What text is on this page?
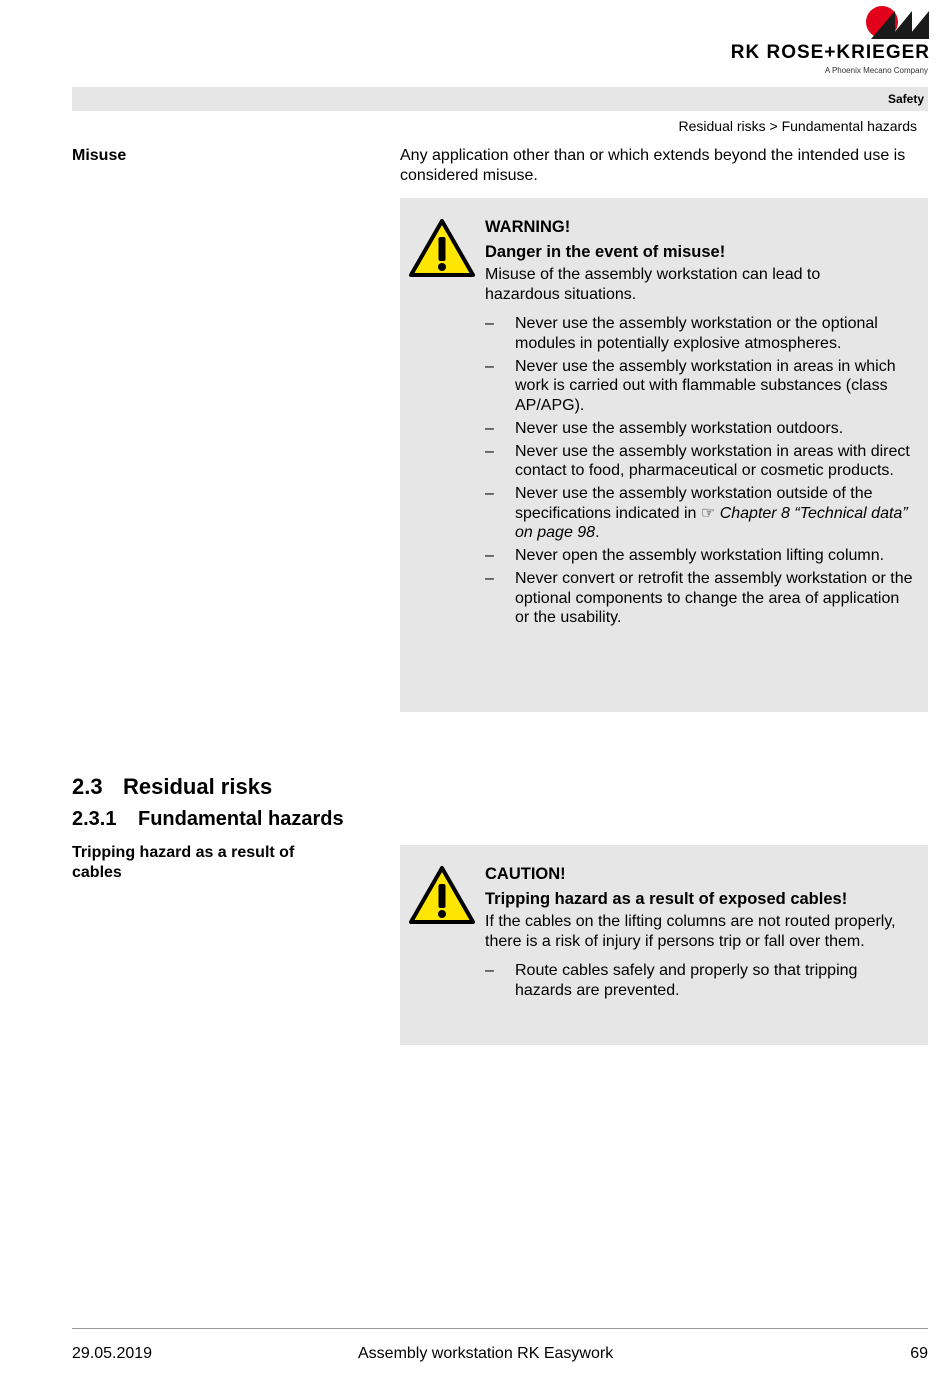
RK ROSE+KRIEGER
A Phoenix Mecano Company
Safety
Residual risks > Fundamental hazards
Misuse	Any application other than or which extends beyond the intended use is considered misuse.
WARNING!
Danger in the event of misuse!

Misuse of the assembly workstation can lead to hazardous situations.

– Never use the assembly workstation or the optional modules in potentially explosive atmospheres.
– Never use the assembly workstation in areas in which work is carried out with flammable substances (class AP/APG).
– Never use the assembly workstation outdoors.
– Never use the assembly workstation in areas with direct contact to food, pharmaceutical or cosmetic products.
– Never use the assembly workstation outside of the specifications indicated in ☞ Chapter 8 “Technical data” on page 98.
– Never open the assembly workstation lifting column.
– Never convert or retrofit the assembly workstation or the optional components to change the area of application or the usability.
2.3 Residual risks
2.3.1 Fundamental hazards
Tripping hazard as a result of cables	CAUTION!
Tripping hazard as a result of exposed cables!

If the cables on the lifting columns are not routed properly, there is a risk of injury if persons trip or fall over them.

– Route cables safely and properly so that tripping hazards are prevented.
29.05.2019	Assembly workstation RK Easywork	69
